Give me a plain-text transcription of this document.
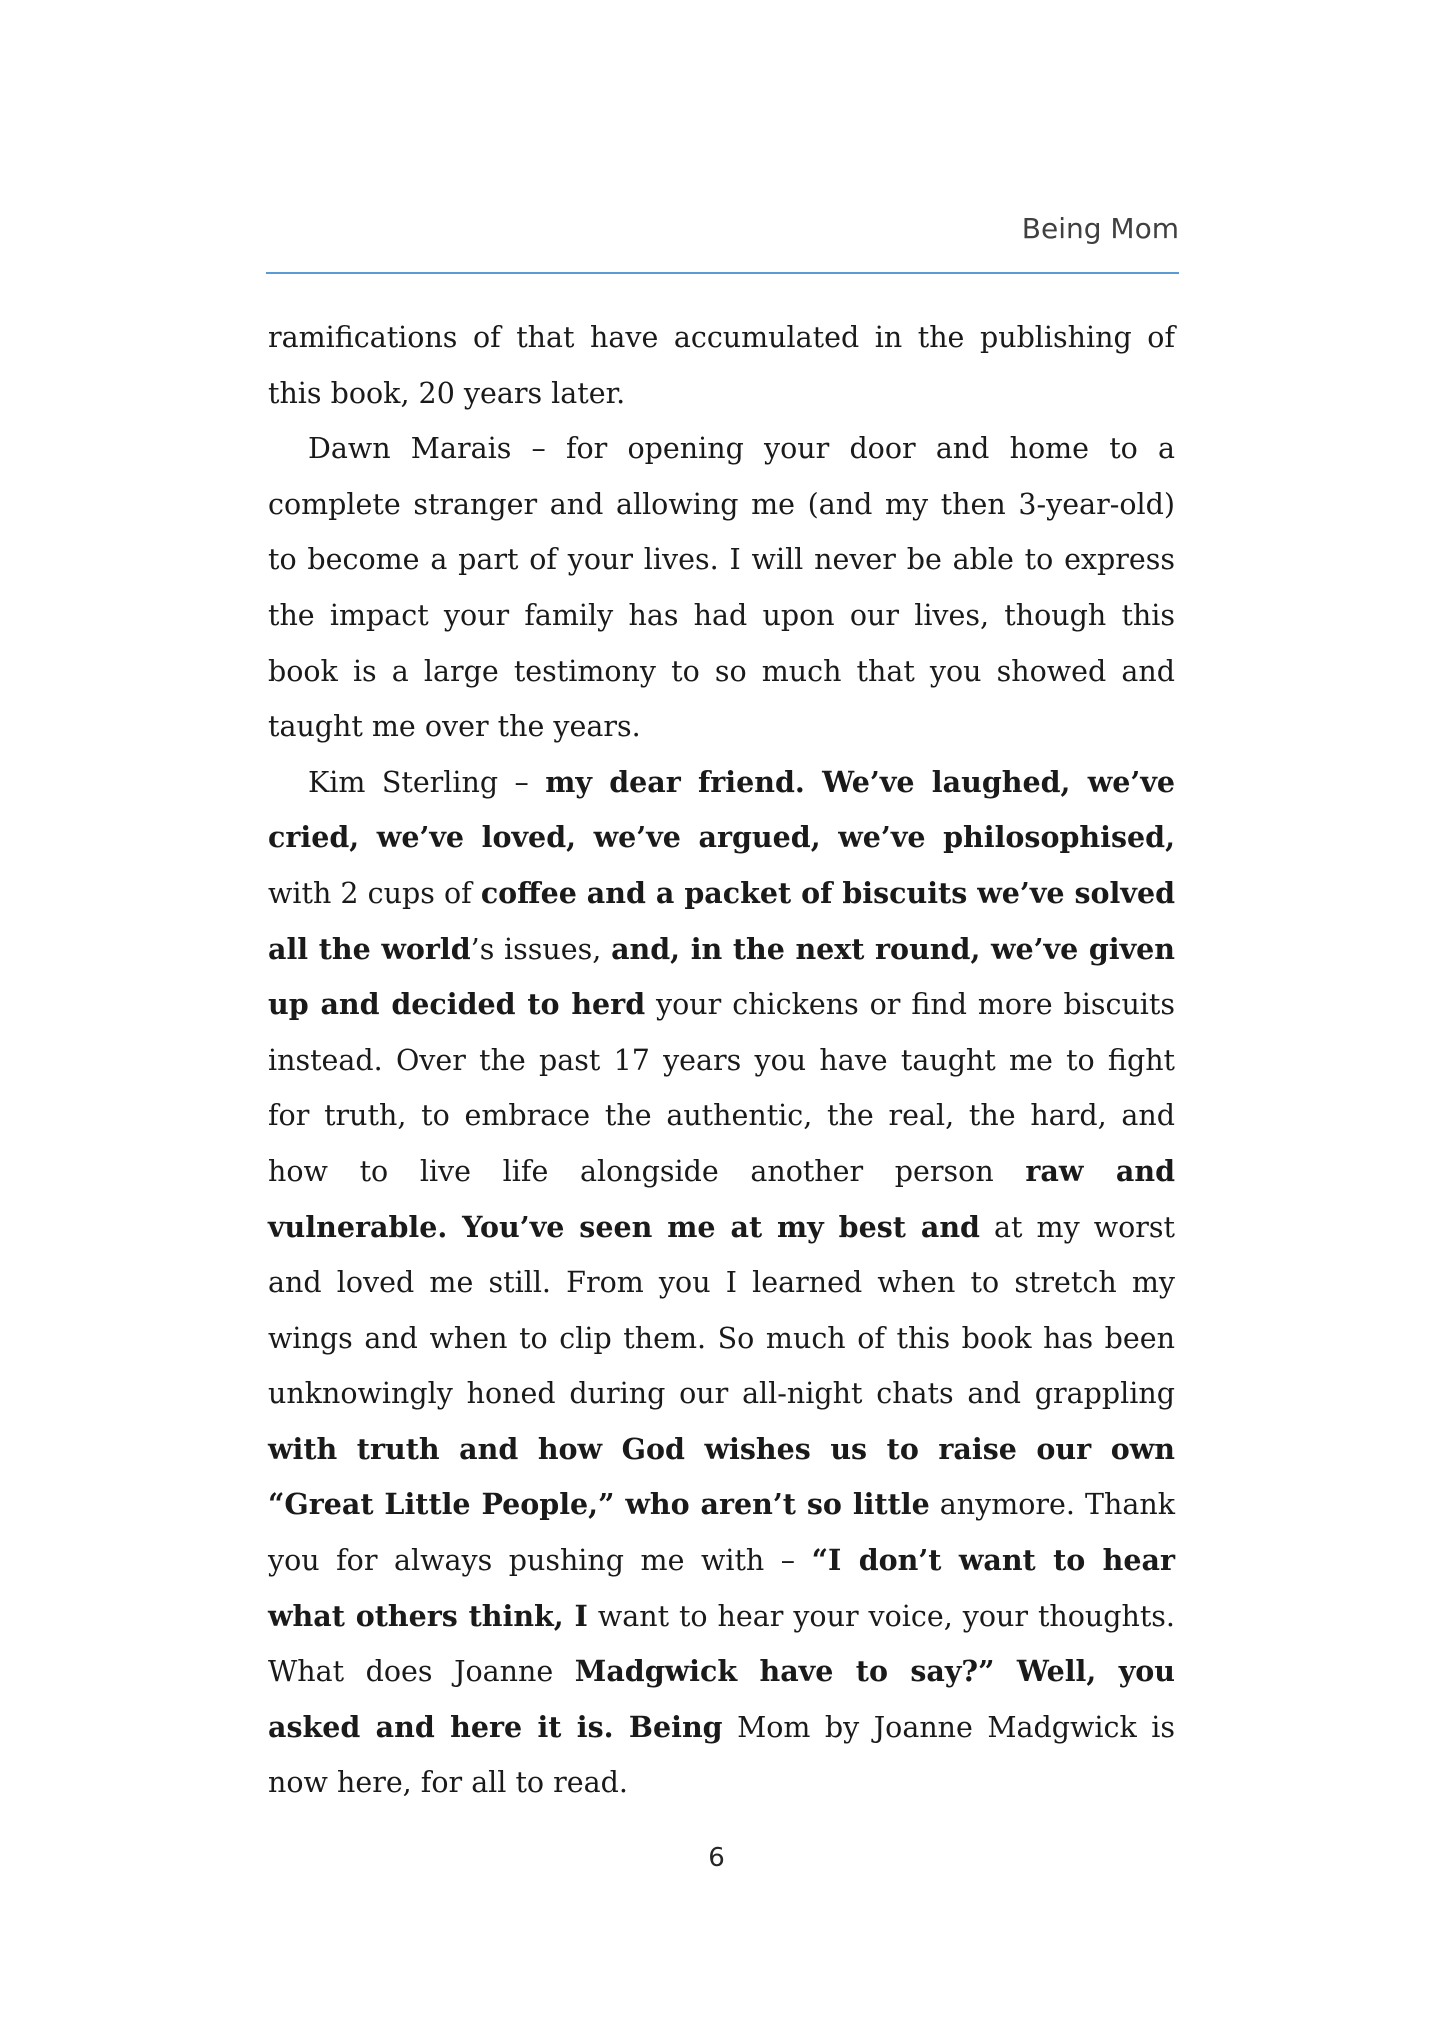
Being Mom

ramifications of that have accumulated in the publishing of this book, 20 years later.

Dawn Marais – for opening your door and home to a complete stranger and allowing me (and my then 3-year-old) to become a part of your lives. I will never be able to express the impact your family has had upon our lives, though this book is a large testimony to so much that you showed and taught me over the years.

Kim Sterling – my dear friend. We’ve laughed, we’ve cried, we’ve loved, we’ve argued, we’ve philosophised, with 2 cups of coffee and a packet of biscuits we’ve solved all the world’s issues, and, in the next round, we’ve given up and decided to herd your chickens or find more biscuits instead. Over the past 17 years you have taught me to fight for truth, to embrace the authentic, the real, the hard, and how to live life alongside another person raw and vulnerable. You’ve seen me at my best and at my worst and loved me still. From you I learned when to stretch my wings and when to clip them. So much of this book has been unknowingly honed during our all-night chats and grappling with truth and how God wishes us to raise our own “Great Little People,” who aren’t so little anymore. Thank you for always pushing me with – “I don’t want to hear what others think, I want to hear your voice, your thoughts. What does Joanne Madgwick have to say?” Well, you asked and here it is. Being Mom by Joanne Madgwick is now here, for all to read.

6
